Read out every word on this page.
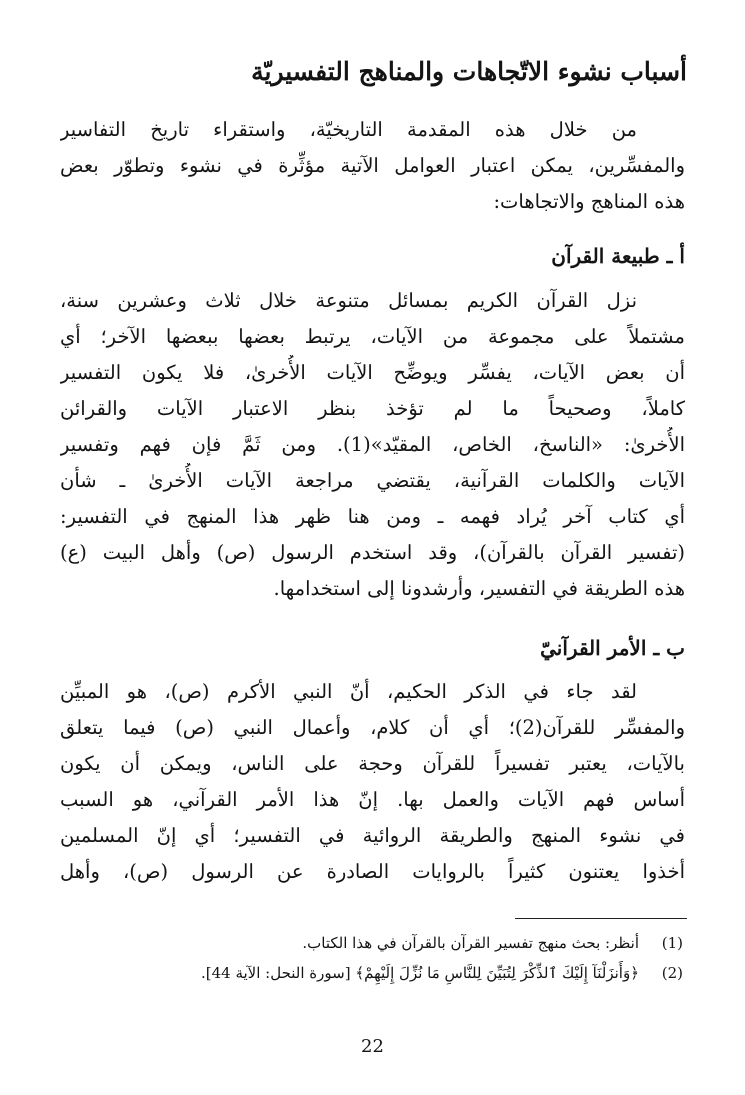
أسباب نشوء الاتّجاهات والمناهج التفسيريّة
من خلال هذه المقدمة التاريخيّة، واستقراء تاريخ التفاسير
والمفسِّرين، يمكن اعتبار العوامل الآتية مؤثِّرة في نشوء وتطوّر بعض
هذه المناهج والاتجاهات:
أ ـ طبيعة القرآن
نزل القرآن الكريم بمسائل متنوعة خلال ثلاث وعشرين سنة،
مشتملاً على مجموعة من الآيات، يرتبط بعضها ببعضها الآخر؛ أي
أن بعض الآيات، يفسِّر ويوضِّح الآيات الأُخرىٰ، فلا يكون التفسير
كاملاً، وصحيحاً ما لم تؤخذ بنظر الاعتبار الآيات والقرائن
الأُخرىٰ: «الناسخ، الخاص، المقيّد»(1). ومن ثَمَّ فإن فهم وتفسير
الآيات والكلمات القرآنية، يقتضي مراجعة الآيات الأُخرىٰ ـ شأن
أي كتاب آخر يُراد فهمه ـ ومن هنا ظهر هذا المنهج في التفسير:
(تفسير القرآن بالقرآن)، وقد استخدم الرسول (ص) وأهل البيت (ع)
هذه الطريقة في التفسير، وأرشدونا إلى استخدامها.
ب ـ الأمر القرآنيّ
لقد جاء في الذكر الحكيم، أنّ النبي الأكرم (ص)، هو المبيِّن
والمفسِّر للقرآن(2)؛ أي أن كلام، وأعمال النبي (ص) فيما يتعلق
بالآيات، يعتبر تفسيراً للقرآن وحجة على الناس، ويمكن أن يكون
أساس فهم الآيات والعمل بها. إنّ هذا الأمر القرآني، هو السبب
في نشوء المنهج والطريقة الروائية في التفسير؛ أي إنّ المسلمين
أخذوا يعتنون كثيراً بالروايات الصادرة عن الرسول (ص)، وأهل
(1)أنظر: بحث منهج تفسير القرآن بالقرآن في هذا الكتاب.
(2)﴿وَأَنزَلْنَآ إِلَيْكَ ٱلذِّكْرَ لِتُبَيِّنَ لِلنَّاسِ مَا نُزِّلَ إِلَيْهِمْ﴾ [سورة النحل: الآية 44].
22
